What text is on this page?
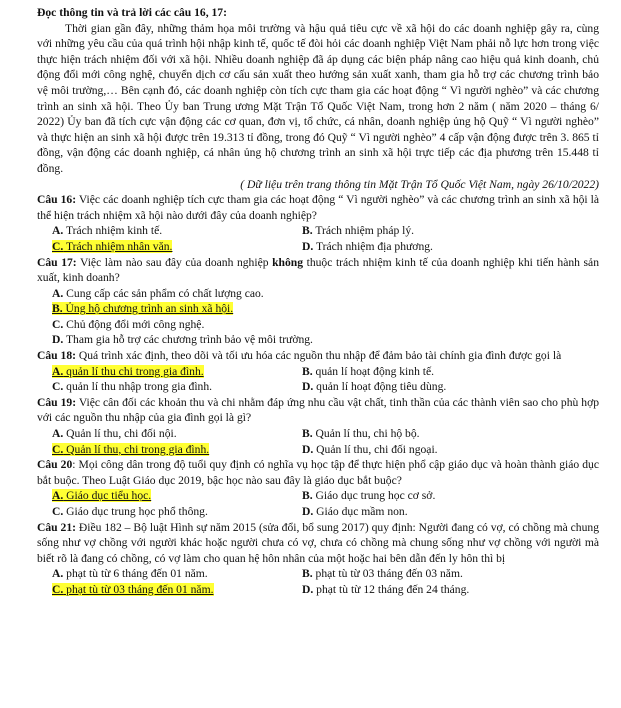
Đọc thông tin và trả lời các câu 16, 17:

Thời gian gần đây, những thảm họa môi trường và hậu quả tiêu cực về xã hội do các doanh nghiệp gây ra, cùng với những yêu cầu của quá trình hội nhập kinh tế, quốc tế đòi hỏi các doanh nghiệp Việt Nam phải nỗ lực hơn trong việc thực hiện trách nhiệm đối với xã hội. Nhiều doanh nghiệp đã áp dụng các biện pháp nâng cao hiệu quả kinh doanh, chủ động đổi mới công nghệ, chuyển dịch cơ cấu sản xuất theo hướng sản xuất xanh, tham gia hỗ trợ các chương trình bảo vệ môi trường,… Bên cạnh đó, các doanh nghiệp còn tích cực tham gia các hoạt động “ Vì người nghèo” và các chương trình an sinh xã hội. Theo Ủy ban Trung ương Mặt Trận Tổ Quốc Việt Nam, trong hơn 2 năm ( năm 2020 – tháng 6/ 2022) Ủy ban đã tích cực vận động các cơ quan, đơn vị, tổ chức, cá nhân, doanh nghiệp ủng hộ Quỹ “ Vì người nghèo” và thực hiện an sinh xã hội được trên 19.313 tỉ đồng, trong đó Quỹ “ Vì người nghèo” 4 cấp vận động được trên 3. 865 tỉ đồng, vận động các doanh nghiệp, cá nhân ủng hộ chương trình an sinh xã hội trực tiếp các địa phương trên 15.448 tỉ đồng.

( Dữ liệu trên trang thông tin Mặt Trận Tổ Quốc Việt Nam, ngày 26/10/2022)

Câu 16: Việc các doanh nghiệp tích cực tham gia các hoạt động “ Vì người nghèo” và các chương trình an sinh xã hội là thể hiện trách nhiệm xã hội nào dưới đây của doanh nghiệp?

A. Trách nhiệm kinh tế.	B. Trách nhiệm pháp lý.
C. Trách nhiệm nhân văn.	D. Trách nhiệm địa phương.

Câu 17: Việc làm nào sau đây của doanh nghiệp không thuộc trách nhiệm kinh tế của doanh nghiệp khi tiến hành sản xuất, kinh doanh?

A. Cung cấp các sản phẩm có chất lượng cao.
B. Ủng hộ chương trình an sinh xã hội.
C. Chủ động đổi mới công nghệ.
D. Tham gia hỗ trợ các chương trình bảo vệ môi trường.

Câu 18: Quá trình xác định, theo dõi và tối ưu hóa các nguồn thu nhập để đảm bảo tài chính gia đình được gọi là

A. quản lí thu chi trong gia đình.	B. quản lí hoạt động kinh tế.
C. quản lí thu nhập trong gia đình.	D. quản lí hoạt động tiêu dùng.

Câu 19: Việc cân đối các khoản thu và chi nhằm đáp ứng nhu cầu vật chất, tinh thần của các thành viên sao cho phù hợp với các nguồn thu nhập của gia đình gọi là gì?

A. Quản lí thu, chi đối nội.	B. Quản lí thu, chi hộ bộ.
C. Quản lí thu, chi trong gia đình.	D. Quản lí thu, chi đối ngoại.

Câu 20: Mọi công dân trong độ tuổi quy định có nghĩa vụ học tập để thực hiện phổ cập giáo dục và hoàn thành giáo dục bắt buộc. Theo Luật Giáo dục 2019, bậc học nào sau đây là giáo dục bắt buộc?

A. Giáo dục tiểu học.	B. Giáo dục trung học cơ sở.
C. Giáo dục trung học phổ thông.	D. Giáo dục mầm non.

Câu 21: Điều 182 – Bộ luật Hình sự năm 2015 (sửa đổi, bổ sung 2017) quy định: Người đang có vợ, có chồng mà chung sống như vợ chồng với người khác hoặc người chưa có vợ, chưa có chồng mà chung sống như vợ chồng với người mà biết rõ là đang có chồng, có vợ làm cho quan hệ hôn nhân của một hoặc hai bên dẫn đến ly hôn thì bị

A. phạt tù từ 6 tháng đến 01 năm.	B. phạt tù từ 03 tháng đến 03 năm.
C. phạt tù từ 03 tháng đến 01 năm.	D. phạt tù từ 12 tháng đến 24 tháng.
